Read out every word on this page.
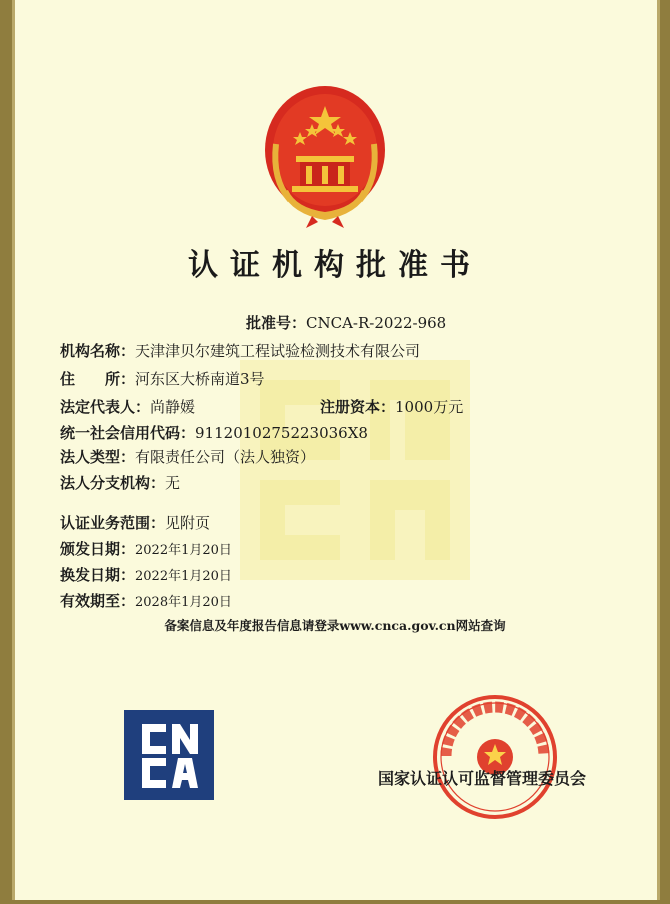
认证机构批准书
批准号：CNCA-R-2022-968
机构名称：天津津贝尔建筑工程试验检测技术有限公司
住　　所：河东区大桥南道3号
法定代表人：尚静媛	注册资本：1000万元
统一社会信用代码：9112010275223036X8
法人类型：有限责任公司（法人独资）
法人分支机构：无
认证业务范围：见附页
颁发日期：2022年1月20日
换发日期：2022年1月20日
有效期至：2028年1月20日
备案信息及年度报告信息请登录www.cnca.gov.cn网站查询
国家认证认可监督管理委员会
